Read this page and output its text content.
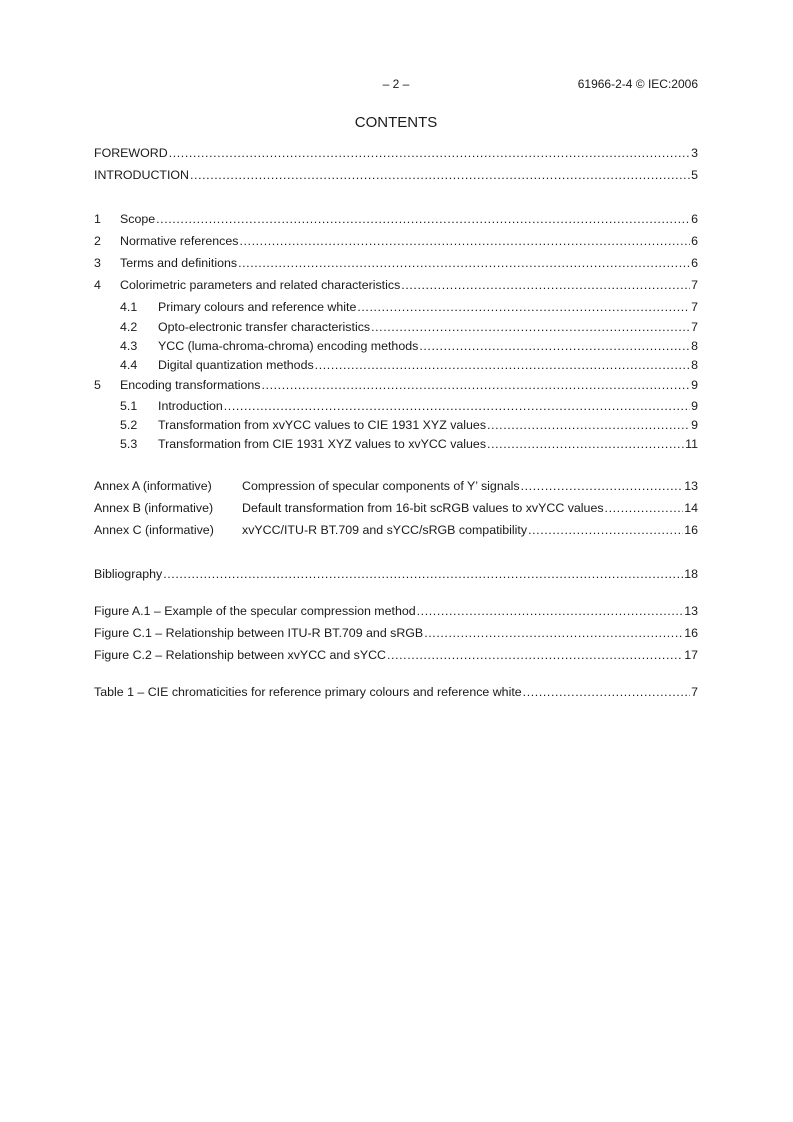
– 2 –	61966-2-4 © IEC:2006
CONTENTS
FOREWORD .....	3
INTRODUCTION .....	5
1	Scope .....	6
2	Normative references .....	6
3	Terms and definitions .....	6
4	Colorimetric parameters and related characteristics .....	7
4.1	Primary colours and reference white .....	7
4.2	Opto-electronic transfer characteristics .....	7
4.3	YCC (luma-chroma-chroma) encoding methods .....	8
4.4	Digital quantization methods .....	8
5	Encoding transformations .....	9
5.1	Introduction .....	9
5.2	Transformation from xvYCC values to CIE 1931 XYZ values .....	9
5.3	Transformation from CIE 1931 XYZ values to xvYCC values .....	11
Annex A (informative)	Compression of specular components of Y’ signals .....	13
Annex B (informative)	Default transformation from 16-bit scRGB values to xvYCC values .....	14
Annex C (informative)	xvYCC/ITU-R BT.709 and sYCC/sRGB compatibility .....	16
Bibliography .....	18
Figure A.1 – Example of the specular compression method .....	13
Figure C.1 – Relationship between ITU-R BT.709 and sRGB .....	16
Figure C.2 – Relationship between xvYCC and sYCC .....	17
Table 1 – CIE chromaticities for reference primary colours and reference white .....	7
